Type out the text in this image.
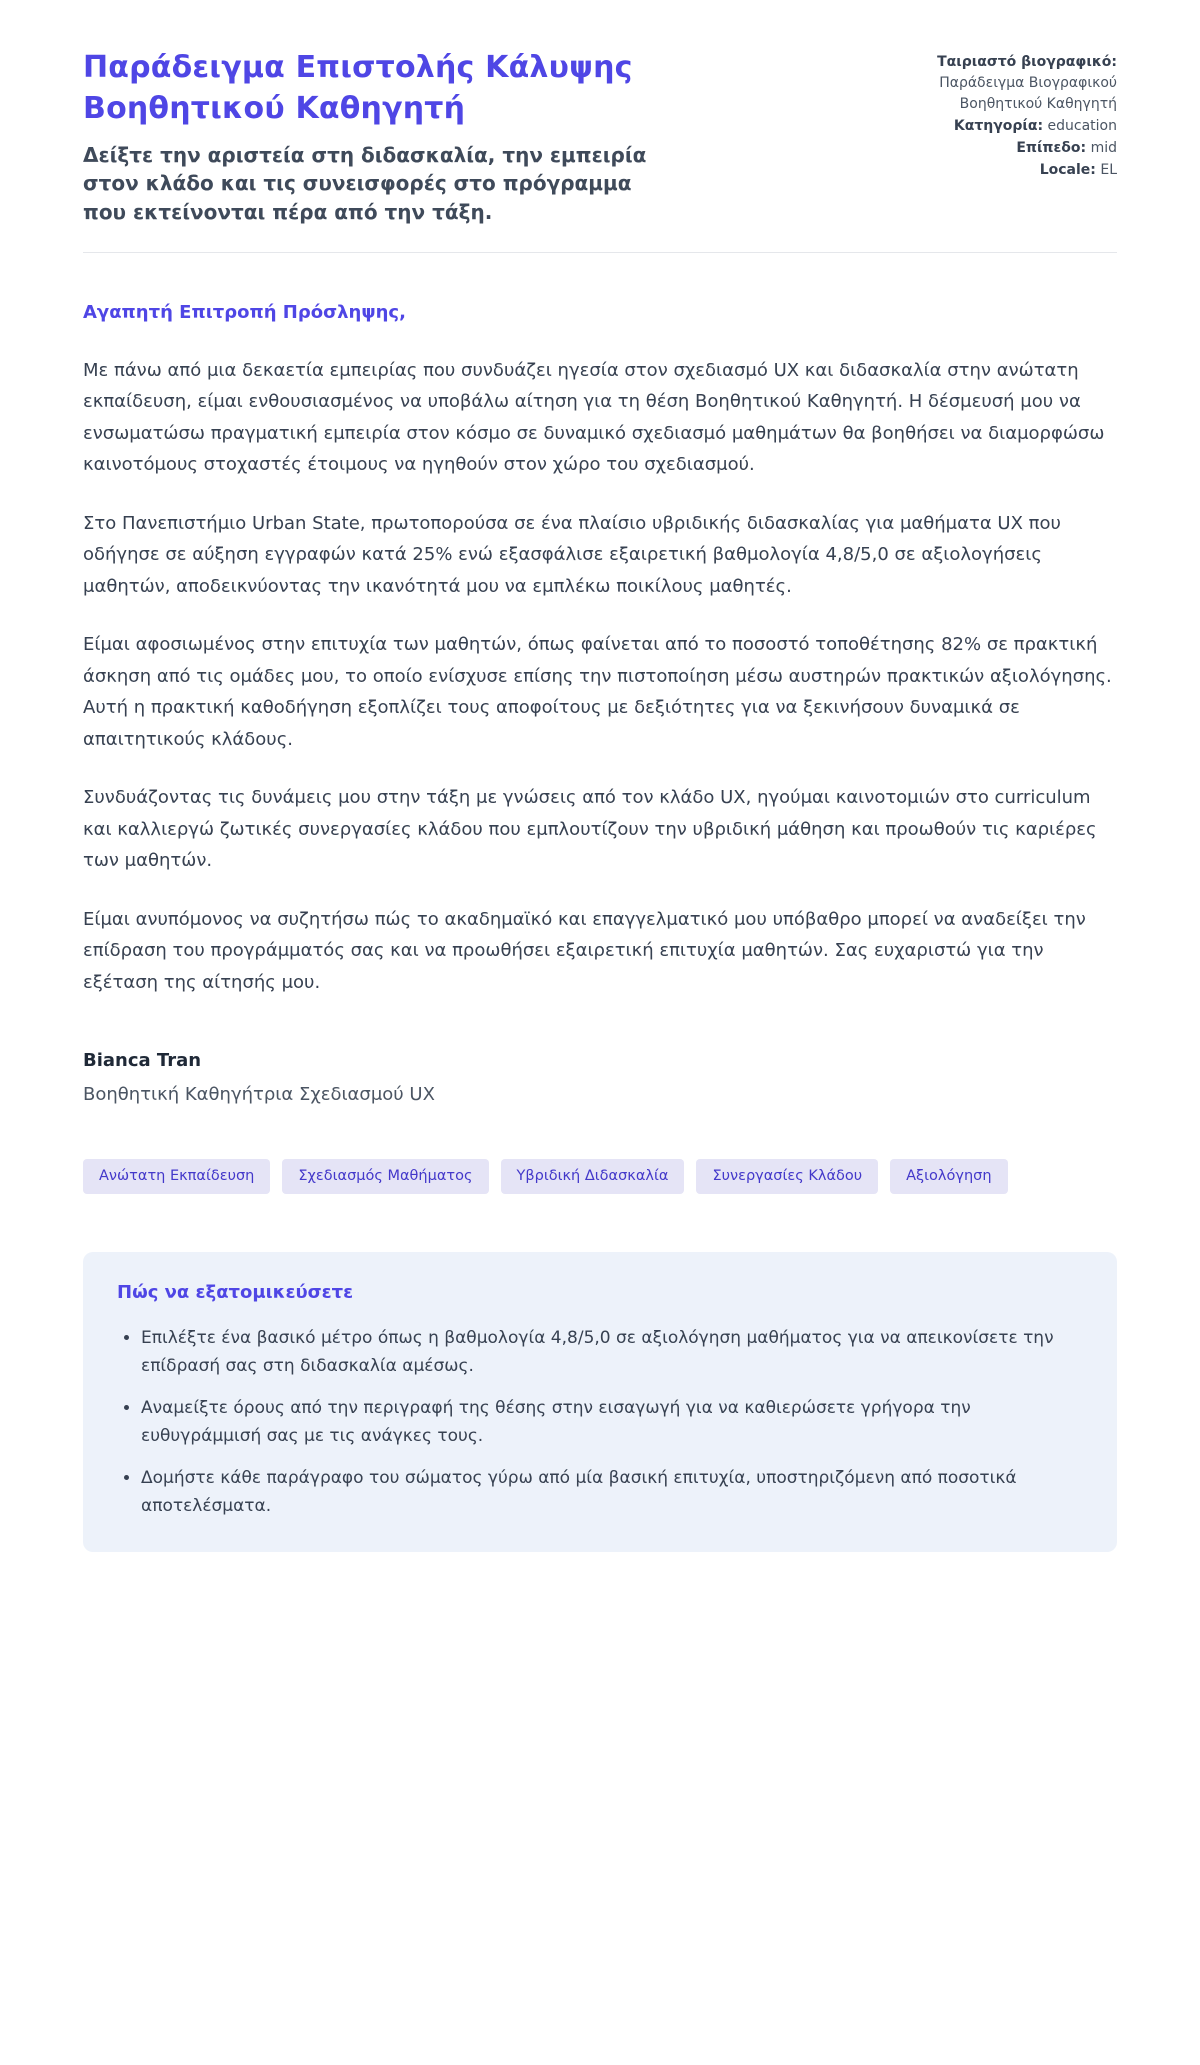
Παράδειγμα Επιστολής Κάλυψης Βοηθητικού Καθηγητή

Δείξτε την αριστεία στη διδασκαλία, την εμπειρία στον κλάδο και τις συνεισφορές στο πρόγραμμα που εκτείνονται πέρα από την τάξη.

Ταιριαστό βιογραφικό:
Παράδειγμα Βιογραφικού Βοηθητικού Καθηγητή
Κατηγορία: education
Επίπεδο: mid
Locale: EL

Αγαπητή Επιτροπή Πρόσληψης,

Με πάνω από μια δεκαετία εμπειρίας που συνδυάζει ηγεσία στον σχεδιασμό UX και διδασκαλία στην ανώτατη εκπαίδευση, είμαι ενθουσιασμένος να υποβάλω αίτηση για τη θέση Βοηθητικού Καθηγητή. Η δέσμευσή μου να ενσωματώσω πραγματική εμπειρία στον κόσμο σε δυναμικό σχεδιασμό μαθημάτων θα βοηθήσει να διαμορφώσω καινοτόμους στοχαστές έτοιμους να ηγηθούν στον χώρο του σχεδιασμού.

Στο Πανεπιστήμιο Urban State, πρωτοπορούσα σε ένα πλαίσιο υβριδικής διδασκαλίας για μαθήματα UX που οδήγησε σε αύξηση εγγραφών κατά 25% ενώ εξασφάλισε εξαιρετική βαθμολογία 4,8/5,0 σε αξιολογήσεις μαθητών, αποδεικνύοντας την ικανότητά μου να εμπλέκω ποικίλους μαθητές.

Είμαι αφοσιωμένος στην επιτυχία των μαθητών, όπως φαίνεται από το ποσοστό τοποθέτησης 82% σε πρακτική άσκηση από τις ομάδες μου, το οποίο ενίσχυσε επίσης την πιστοποίηση μέσω αυστηρών πρακτικών αξιολόγησης. Αυτή η πρακτική καθοδήγηση εξοπλίζει τους αποφοίτους με δεξιότητες για να ξεκινήσουν δυναμικά σε απαιτητικούς κλάδους.

Συνδυάζοντας τις δυνάμεις μου στην τάξη με γνώσεις από τον κλάδο UX, ηγούμαι καινοτομιών στο curriculum και καλλιεργώ ζωτικές συνεργασίες κλάδου που εμπλουτίζουν την υβριδική μάθηση και προωθούν τις καριέρες των μαθητών.

Είμαι ανυπόμονος να συζητήσω πώς το ακαδημαϊκό και επαγγελματικό μου υπόβαθρο μπορεί να αναδείξει την επίδραση του προγράμματός σας και να προωθήσει εξαιρετική επιτυχία μαθητών. Σας ευχαριστώ για την εξέταση της αίτησής μου.

Bianca Tran

Βοηθητική Καθηγήτρια Σχεδιασμού UX

Ανώτατη Εκπαίδευση	Σχεδιασμός Μαθήματος	Υβριδική Διδασκαλία	Συνεργασίες Κλάδου	Αξιολόγηση
Πώς να εξατομικεύσετε
• Επιλέξτε ένα βασικό μέτρο όπως η βαθμολογία 4,8/5,0 σε αξιολόγηση μαθήματος για να απεικονίσετε την επίδρασή σας στη διδασκαλία αμέσως.
• Αναμείξτε όρους από την περιγραφή της θέσης στην εισαγωγή για να καθιερώσετε γρήγορα την ευθυγράμμισή σας με τις ανάγκες τους.
• Δομήστε κάθε παράγραφο του σώματος γύρω από μία βασική επιτυχία, υποστηριζόμενη από ποσοτικά αποτελέσματα.
